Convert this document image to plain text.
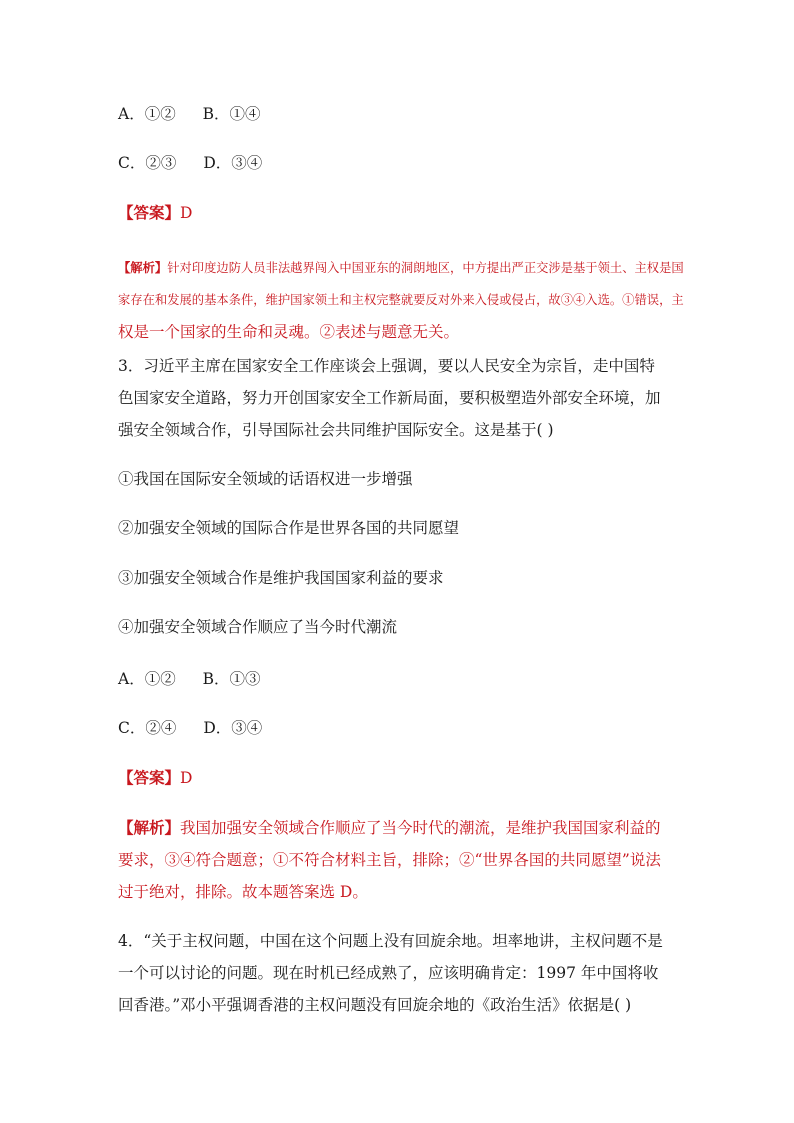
A．①② B．①④
C．②③ D．③④
【答案】D
【解析】针对印度边防人员非法越界闯入中国亚东的洞朗地区，中方提出严正交涉是基于领土、主权是国
家存在和发展的基本条件，维护国家领土和主权完整就要反对外来入侵或侵占，故③④入选。①错误，主
权是一个国家的生命和灵魂。②表述与题意无关。
3．习近平主席在国家安全工作座谈会上强调，要以人民安全为宗旨，走中国特
色国家安全道路，努力开创国家安全工作新局面，要积极塑造外部安全环境，加
强安全领域合作，引导国际社会共同维护国际安全。这是基于( )
①我国在国际安全领域的话语权进一步增强
②加强安全领域的国际合作是世界各国的共同愿望
③加强安全领域合作是维护我国国家利益的要求
④加强安全领域合作顺应了当今时代潮流
A．①② B．①③
C．②④ D．③④
【答案】D
【解析】我国加强安全领域合作顺应了当今时代的潮流，是维护我国国家利益的
要求，③④符合题意；①不符合材料主旨，排除；②“世界各国的共同愿望”说法
过于绝对，排除。故本题答案选 D。
4．“关于主权问题，中国在这个问题上没有回旋余地。坦率地讲，主权问题不是
一个可以讨论的问题。现在时机已经成熟了，应该明确肯定：1997 年中国将收
回香港。”邓小平强调香港的主权问题没有回旋余地的《政治生活》依据是( )
